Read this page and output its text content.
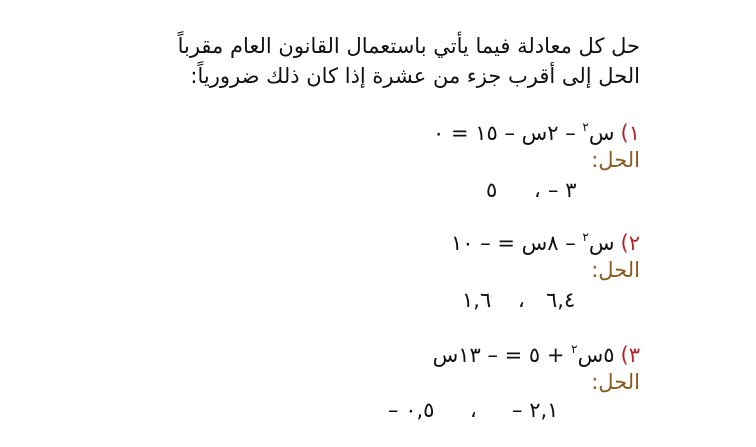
حل كل معادلة فيما يأتي باستعمال القانون العام مقرباً
الحل إلى أقرب جزء من عشرة إذا كان ذلك ضرورياً:
١)س$^٢$ – ٢س – ١٥ = ٠
الحل:
٥ ، – ٣
٢)س$^٢$ – ٨س = – ١٠
الحل:
١,٦ ، ٦,٤
٣)٥س$^٢$ + ٥ = – ١٣س
الحل:
– ٠,٥ ، – ٢,١
